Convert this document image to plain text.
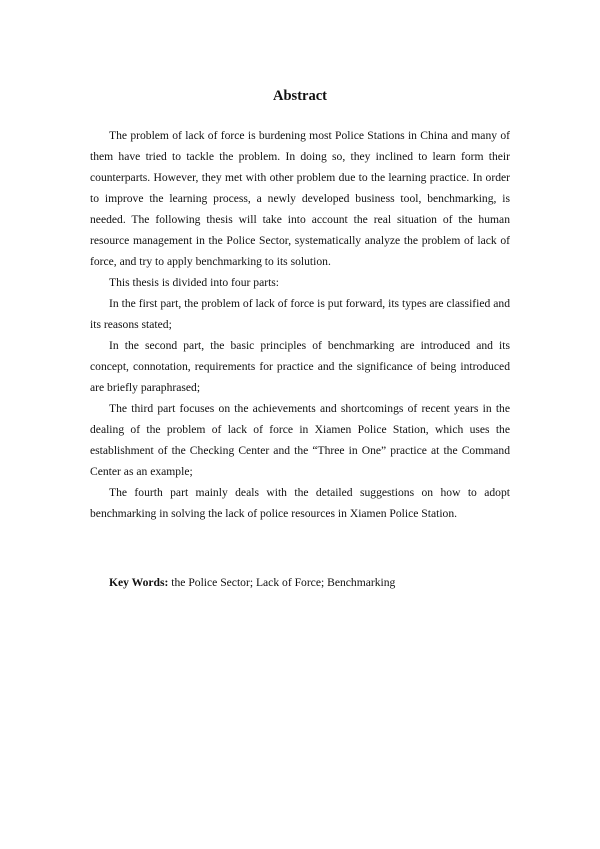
Abstract

The problem of lack of force is burdening most Police Stations in China and many of them have tried to tackle the problem. In doing so, they inclined to learn form their counterparts. However, they met with other problem due to the learning practice. In order to improve the learning process, a newly developed business tool, benchmarking, is needed. The following thesis will take into account the real situation of the human resource management in the Police Sector, systematically analyze the problem of lack of force, and try to apply benchmarking to its solution.

This thesis is divided into four parts:

In the first part, the problem of lack of force is put forward, its types are classified and its reasons stated;

In the second part, the basic principles of benchmarking are introduced and its concept, connotation, requirements for practice and the significance of being introduced are briefly paraphrased;

The third part focuses on the achievements and shortcomings of recent years in the dealing of the problem of lack of force in Xiamen Police Station, which uses the establishment of the Checking Center and the “Three in One” practice at the Command Center as an example;

The fourth part mainly deals with the detailed suggestions on how to adopt benchmarking in solving the lack of police resources in Xiamen Police Station.

Key Words: the Police Sector; Lack of Force; Benchmarking
